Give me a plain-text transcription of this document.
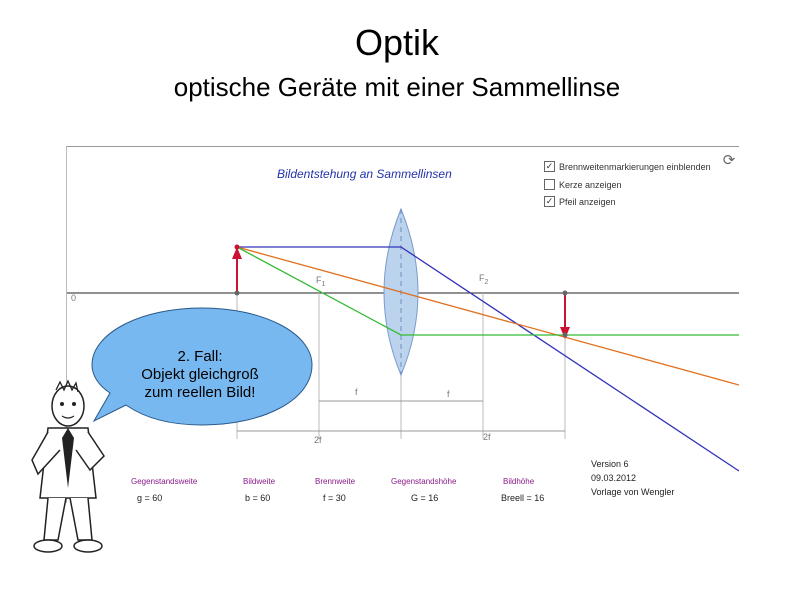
Optik
optische Geräte mit einer Sammellinse
Bildentstehung an Sammellinsen
✓ Brennweitenmarkierungen einblenden
Kerze anzeigen
✓ Pfeil anzeigen
⟳
0
$F_1$
$F_2$
f	f
2f	2f
Gegenstandsweite
g = 60
Bildweite
b = 60
Brennweite
f = 30
Gegenstandshöhe
G = 16
Bildhöhe
Breell = 16
Version 6
09.03.2012
Vorlage von Wengler
2. Fall:
Objekt gleichgroß
zum reellen Bild!
